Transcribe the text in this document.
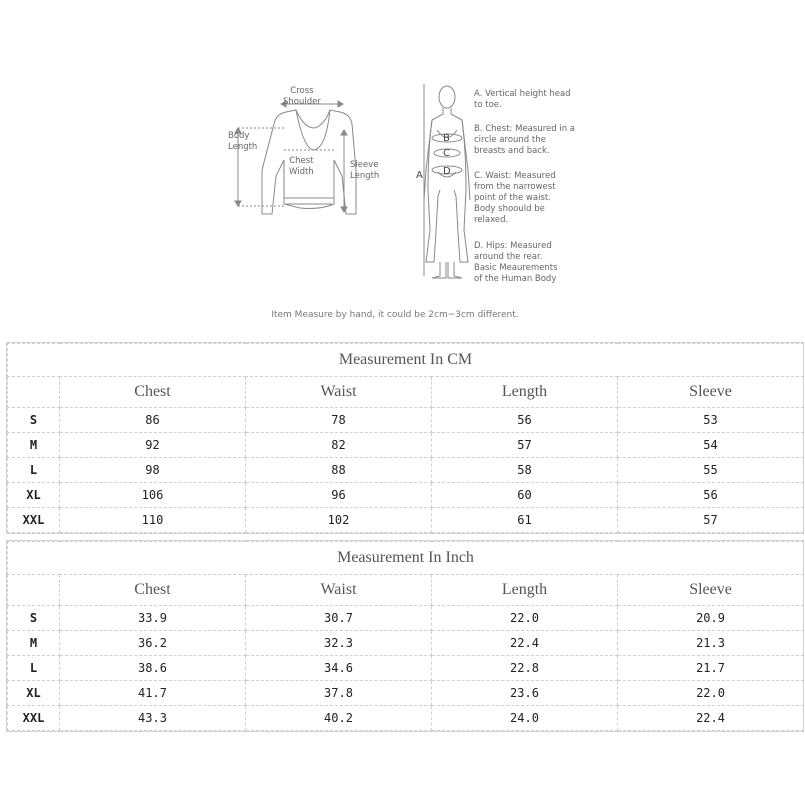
Cross
Shoulder
Body
Length
Chest
Width
Sleeve
Length	A
B
C
D
A. Vertical height head
to toe.
B. Chest: Measured in a
circle around the
breasts and back.
C. Waist: Measured
from the narrowest
point of the waist.
Body shoould be
relaxed.
D. Hips: Measured
around the rear.
Basic Meaurements
of the Human Body
Item Measure by hand, it could be 2cm~3cm different.
Measurement In CM				
	Chest	Waist	Length	Sleeve
S	86	78	56	53
M	92	82	57	54
L	98	88	58	55
XL	106	96	60	56
XXL	110	102	61	57
Measurement In Inch				
	Chest	Waist	Length	Sleeve
S	33.9	30.7	22.0	20.9
M	36.2	32.3	22.4	21.3
L	38.6	34.6	22.8	21.7
XL	41.7	37.8	23.6	22.0
XXL	43.3	40.2	24.0	22.4
